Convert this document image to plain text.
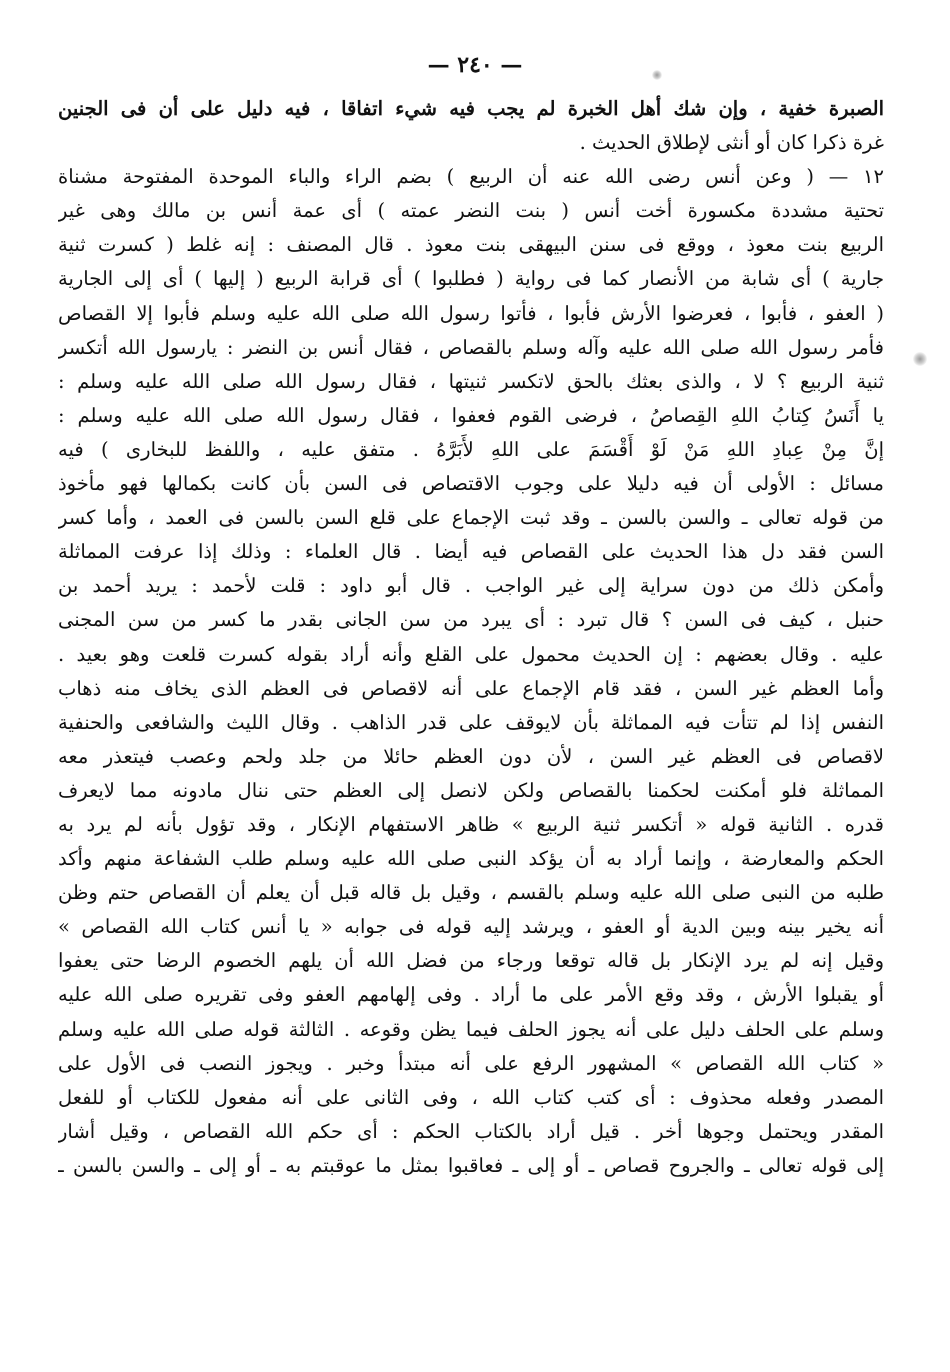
— ٢٤٠ —
الصبرة خفية ، وإن شك أهل الخبرة لم يجب فيه شيء اتفاقا ، فيه دليل على أن فى الجنين
غرة ذكرا كان أو أنثى لإطلاق الحديث .
١٢ — ( وعن أنس رضى الله عنه أن الربيع ) بضم الراء والباء الموحدة المفتوحة مشناة
تحتية مشددة مكسورة أخت أنس ( بنت النضر عمته ) أى عمة أنس بن مالك وهى غير
الربيع بنت معوذ ، ووقع فى سنن البيهقى بنت معوذ . قال المصنف : إنه غلط ( كسرت ثنية
جارية ) أى شابة من الأنصار كما فى رواية ( فطلبوا ) أى قرابة الربيع ( إليها ) أى إلى الجارية
( العفو ، فأبوا ، فعرضوا الأرش فأبوا ، فأتوا رسول الله صلى الله عليه وسلم فأبوا إلا القصاص
فأمر رسول الله صلى الله عليه وآله وسلم بالقصاص ، فقال أنس بن النضر : يارسول الله أتكسر
ثنية الربيع ؟ لا ، والذى بعثك بالحق لاتكسر ثنيتها ، فقال رسول الله صلى الله عليه وسلم :
يا أَنَسُ كِتابُ اللهِ القِصاصُ ، فرضى القوم فعفوا ، فقال رسول الله صلى الله عليه وسلم :
إنَّ مِنْ عِبادِ اللهِ مَنْ لَوْ أَقْسَمَ على اللهِ لأَبَرَّهُ . متفق عليه ، واللفظ للبخارى ) فيه
مسائل : الأولى أن فيه دليلا على وجوب الاقتصاص فى السن بأن كانت بكمالها فهو مأخوذ
من قوله تعالى ـ والسن بالسن ـ وقد ثبت الإجماع على قلع السن بالسن فى العمد ، وأما كسر
السن فقد دل هذا الحديث على القصاص فيه أيضا . قال العلماء : وذلك إذا عرفت المماثلة
وأمكن ذلك من دون سراية إلى غير الواجب . قال أبو داود : قلت لأحمد : يريد أحمد بن
حنبل ، كيف فى السن ؟ قال تبرد : أى يبرد من سن الجانى بقدر ما كسر من سن المجنى
عليه . وقال بعضهم : إن الحديث محمول على القلع وأنه أراد بقوله كسرت قلعت وهو بعيد .
وأما العظم غير السن ، فقد قام الإجماع على أنه لاقصاص فى العظم الذى يخاف منه ذهاب
النفس إذا لم تتأت فيه المماثلة بأن لايوقف على قدر الذاهب . وقال الليث والشافعى والحنفية
لاقصاص فى العظم غير السن ، لأن دون العظم حائلا من جلد ولحم وعصب فيتعذر معه
المماثلة فلو أمكنت لحكمنا بالقصاص ولكن لانصل إلى العظم حتى ننال مادونه مما لايعرف
قدره . الثانية قوله « أتكسر ثنية الربيع » ظاهر الاستفهام الإنكار ، وقد تؤول بأنه لم يرد به
الحكم والمعارضة ، وإنما أراد به أن يؤكد النبى صلى الله عليه وسلم طلب الشفاعة منهم وأكد
طلبه من النبى صلى الله عليه وسلم بالقسم ، وقيل بل قاله قبل أن يعلم أن القصاص حتم وظن
أنه يخير بينه وبين الدية أو العفو ، ويرشد إليه قوله فى جوابه « يا أنس كتاب الله القصاص »
وقيل إنه لم يرد الإنكار بل قاله توقعا ورجاء من فضل الله أن يلهم الخصوم الرضا حتى يعفوا
أو يقبلوا الأرش ، وقد وقع الأمر على ما أراد . وفى إلهامهم العفو وفى تقريره صلى الله عليه
وسلم على الحلف دليل على أنه يجوز الحلف فيما يظن وقوعه . الثالثة قوله صلى الله عليه وسلم
« كتاب الله القصاص » المشهور الرفع على أنه مبتدأ وخبر . ويجوز النصب فى الأول على
المصدر وفعله محذوف : أى كتب كتاب الله ، وفى الثانى على أنه مفعول للكتاب أو للفعل
المقدر ويحتمل وجوها أخر . قيل أراد بالكتاب الحكم : أى حكم الله القصاص ، وقيل أشار
إلى قوله تعالى ـ والجروح قصاص ـ أو إلى ـ فعاقبوا بمثل ما عوقبتم به ـ أو إلى ـ والسن بالسن ـ
